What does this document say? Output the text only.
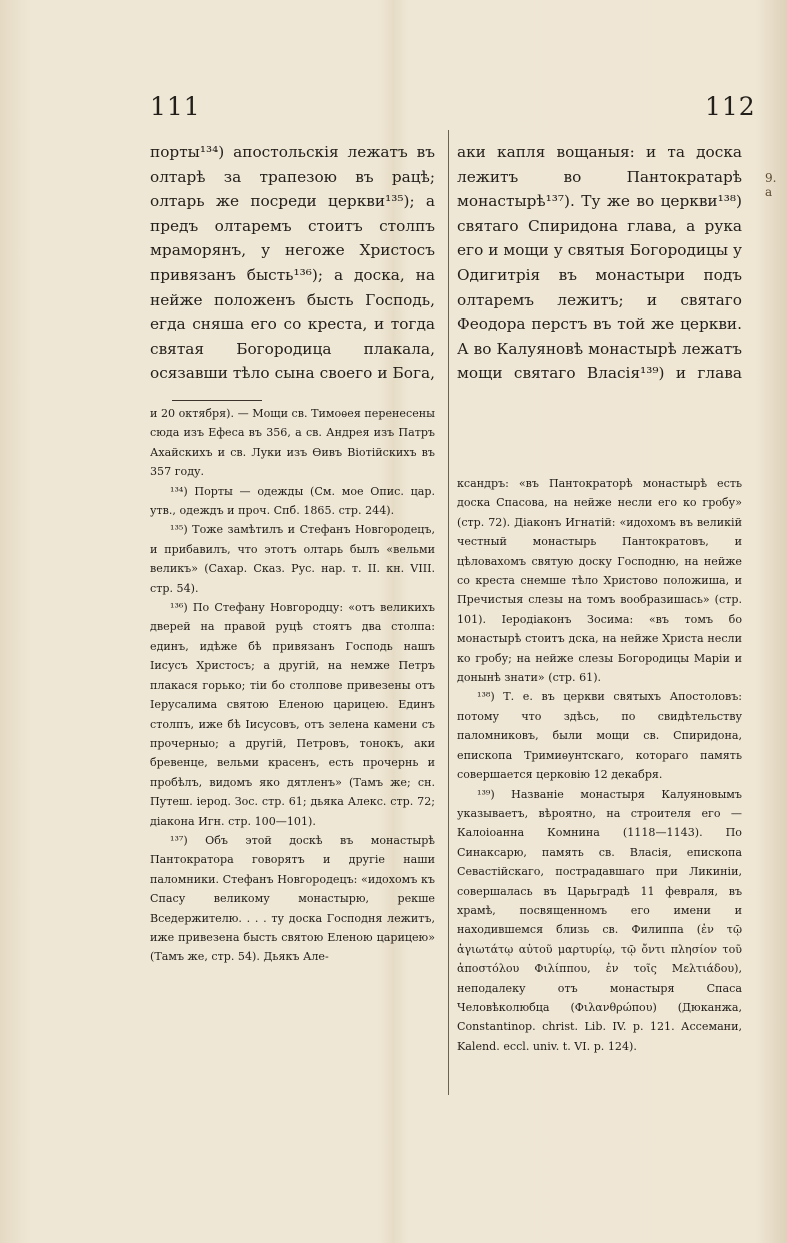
111	112
9. a

порты¹³⁴) апостольскія лежатъ въ олтарѣ за трапезою въ рацѣ; олтарь же посреди церкви¹³⁵); а предъ олтаремъ стоитъ столпъ мраморянъ, у негоже Христосъ привязанъ бысть¹³⁶); а доска, на нейже положенъ бысть Господь, егда сняша его со креста, и тогда святая Богородица плакала, осязавши тѣло сына своего и Бога,

и 20 октября). — Мощи св. Тимоѳея перенесены сюда изъ Ефеса въ 356, а св. Андрея изъ Патръ Ахайскихъ и св. Луки изъ Ѳивъ Віотійскихъ въ 357 году.

¹³⁴) Порты — одежды (См. мое Опис. цар. утв., одеждъ и проч. Спб. 1865. стр. 244).

¹³⁵) Тоже замѣтилъ и Стефанъ Новгородецъ, и прибавилъ, что этотъ олтарь былъ «вельми великъ» (Сахар. Сказ. Рус. нар. т. II. кн. VIII. стр. 54).

¹³⁶) По Стефану Новгородцу: «отъ великихъ дверей на правой руцѣ стоятъ два столпа: единъ, идѣже бѣ привязанъ Господь нашъ Іисусъ Христосъ; а другій, на немже Петръ плакася горько; тіи бо столпове привезены отъ Іерусалима святою Еленою царицею. Единъ столпъ, иже бѣ Іисусовъ, отъ зелена камени съ прочерныо; а другій, Петровъ, тонокъ, аки бревенце, вельми красенъ, есть прочернь и пробѣлъ, видомъ яко дятленъ» (Тамъ же; сн. Путеш. іерод. Зос. стр. 61; дьяка Алекс. стр. 72; діакона Игн. стр. 100—101).

¹³⁷) Объ этой доскѣ въ монастырѣ Пантократора говорятъ и другіе наши паломники. Стефанъ Новгородецъ: «идохомъ къ Спасу великому монастырю, рекше Вседержителю. . . . ту доска Господня лежитъ, иже привезена бысть святою Еленою царицею» (Тамъ же, стр. 54). Дьякъ Але-

аки капля вощаныя: и та доска лежитъ во Пантократарѣ монастырѣ¹³⁷). Ту же во церкви¹³⁸) святаго Спиридона глава, а рука его и мощи у святыя Богородицы у Одигитрія въ монастыри подъ олтаремъ лежитъ; и святаго Феодора перстъ въ той же церкви. А во Калуяновѣ монастырѣ лежатъ мощи святаго Власія¹³⁹) и глава

ксандръ: «въ Пантократорѣ монастырѣ есть доска Спасова, на нейже несли его ко гробу» (стр. 72). Діаконъ Игнатій: «идохомъ въ великій честный монастырь Пантократовъ, и цѣловахомъ святую доску Господню, на нейже со креста снемше тѣло Христово положиша, и Пречистыя слезы на томъ вообразишась» (стр. 101). Іеродіаконъ Зосима: «въ томъ бо монастырѣ стоитъ дска, на нейже Христа несли ко гробу; на нейже слезы Богородицы Маріи и донынѣ знати» (стр. 61).

¹³⁸) Т. е. въ церкви святыхъ Апостоловъ: потому что здѣсь, по свидѣтельству паломниковъ, были мощи св. Спиридона, епископа Тримиѳунтскаго, котораго память совершается церковію 12 декабря.

¹³⁹) Названіе монастыря Калуяновымъ указываетъ, вѣроятно, на строителя его — Калоіоанна Комнина (1118—1143). По Синаксарю, память св. Власія, епископа Севастійскаго, пострадавшаго при Ликиніи, совершалась въ Царьградѣ 11 февраля, въ храмѣ, посвященномъ его имени и находившемся близь св. Филиппа (ἐν τῷ ἁγιωτάτῳ αὐτοῦ μαρτυρίῳ, τῷ ὄντι πλησίον τοῦ ἀποστόλου Φιλίππου, ἐν τοῖς Μελτιάδου), неподалеку отъ монастыря Спаса Человѣколюбца (Φιλανθρώπου) (Дюканжа, Constantinop. christ. Lib. IV. p. 121. Ассемани, Kalend. eccl. univ. t. VI. p. 124).
